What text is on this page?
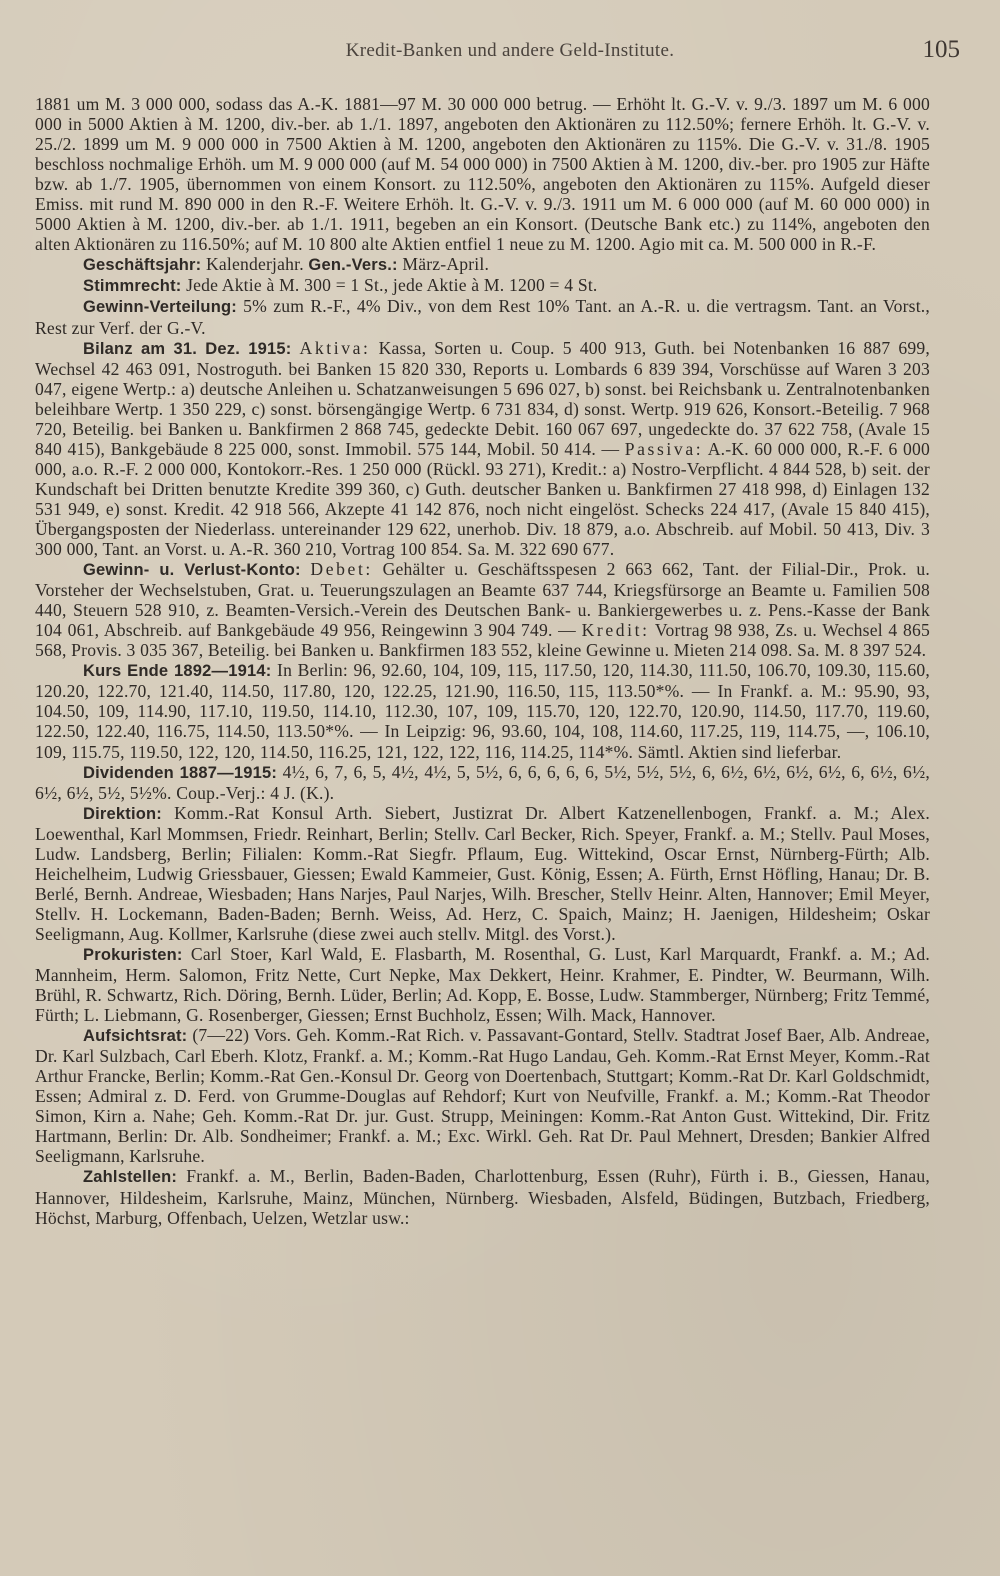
Kredit-Banken und andere Geld-Institute.	105

1881 um M. 3 000 000, sodass das A.-K. 1881—97 M. 30 000 000 betrug. — Erhöht lt. G.-V. v. 9./3. 1897 um M. 6 000 000 in 5000 Aktien à M. 1200, div.-ber. ab 1./1. 1897, angeboten den Aktionären zu 112.50%; fernere Erhöh. lt. G.-V. v. 25./2. 1899 um M. 9 000 000 in 7500 Aktien à M. 1200, angeboten den Aktionären zu 115%. Die G.-V. v. 31./8. 1905 beschloss nochmalige Erhöh. um M. 9 000 000 (auf M. 54 000 000) in 7500 Aktien à M. 1200, div.-ber. pro 1905 zur Häfte bzw. ab 1./7. 1905, übernommen von einem Konsort. zu 112.50%, angeboten den Aktionären zu 115%. Aufgeld dieser Emiss. mit rund M. 890 000 in den R.-F. Weitere Erhöh. lt. G.-V. v. 9./3. 1911 um M. 6 000 000 (auf M. 60 000 000) in 5000 Aktien à M. 1200, div.-ber. ab 1./1. 1911, begeben an ein Konsort. (Deutsche Bank etc.) zu 114%, angeboten den alten Aktionären zu 116.50%; auf M. 10 800 alte Aktien entfiel 1 neue zu M. 1200. Agio mit ca. M. 500 000 in R.-F.

Geschäftsjahr: Kalenderjahr. Gen.-Vers.: März-April.

Stimmrecht: Jede Aktie à M. 300 = 1 St., jede Aktie à M. 1200 = 4 St.

Gewinn-Verteilung: 5% zum R.-F., 4% Div., von dem Rest 10% Tant. an A.-R. u. die vertragsm. Tant. an Vorst., Rest zur Verf. der G.-V.

Bilanz am 31. Dez. 1915: Aktiva: Kassa, Sorten u. Coup. 5 400 913, Guth. bei Notenbanken 16 887 699, Wechsel 42 463 091, Nostroguth. bei Banken 15 820 330, Reports u. Lombards 6 839 394, Vorschüsse auf Waren 3 203 047, eigene Wertp.: a) deutsche Anleihen u. Schatzanweisungen 5 696 027, b) sonst. bei Reichsbank u. Zentralnotenbanken beleihbare Wertp. 1 350 229, c) sonst. börsengängige Wertp. 6 731 834, d) sonst. Wertp. 919 626, Konsort.-Beteilig. 7 968 720, Beteilig. bei Banken u. Bankfirmen 2 868 745, gedeckte Debit. 160 067 697, ungedeckte do. 37 622 758, (Avale 15 840 415), Bankgebäude 8 225 000, sonst. Immobil. 575 144, Mobil. 50 414. — Passiva: A.-K. 60 000 000, R.-F. 6 000 000, a.o. R.-F. 2 000 000, Kontokorr.-Res. 1 250 000 (Rückl. 93 271), Kredit.: a) Nostro-Verpflicht. 4 844 528, b) seit. der Kundschaft bei Dritten benutzte Kredite 399 360, c) Guth. deutscher Banken u. Bankfirmen 27 418 998, d) Einlagen 132 531 949, e) sonst. Kredit. 42 918 566, Akzepte 41 142 876, noch nicht eingelöst. Schecks 224 417, (Avale 15 840 415), Übergangsposten der Niederlass. untereinander 129 622, unerhob. Div. 18 879, a.o. Abschreib. auf Mobil. 50 413, Div. 3 300 000, Tant. an Vorst. u. A.-R. 360 210, Vortrag 100 854. Sa. M. 322 690 677.

Gewinn- u. Verlust-Konto: Debet: Gehälter u. Geschäftsspesen 2 663 662, Tant. der Filial-Dir., Prok. u. Vorsteher der Wechselstuben, Grat. u. Teuerungszulagen an Beamte 637 744, Kriegsfürsorge an Beamte u. Familien 508 440, Steuern 528 910, z. Beamten-Versich.-Verein des Deutschen Bank- u. Bankiergewerbes u. z. Pens.-Kasse der Bank 104 061, Abschreib. auf Bankgebäude 49 956, Reingewinn 3 904 749. — Kredit: Vortrag 98 938, Zs. u. Wechsel 4 865 568, Provis. 3 035 367, Beteilig. bei Banken u. Bankfirmen 183 552, kleine Gewinne u. Mieten 214 098. Sa. M. 8 397 524.

Kurs Ende 1892—1914: In Berlin: 96, 92.60, 104, 109, 115, 117.50, 120, 114.30, 111.50, 106.70, 109.30, 115.60, 120.20, 122.70, 121.40, 114.50, 117.80, 120, 122.25, 121.90, 116.50, 115, 113.50*%. — In Frankf. a. M.: 95.90, 93, 104.50, 109, 114.90, 117.10, 119.50, 114.10, 112.30, 107, 109, 115.70, 120, 122.70, 120.90, 114.50, 117.70, 119.60, 122.50, 122.40, 116.75, 114.50, 113.50*%. — In Leipzig: 96, 93.60, 104, 108, 114.60, 117.25, 119, 114.75, —, 106.10, 109, 115.75, 119.50, 122, 120, 114.50, 116.25, 121, 122, 122, 116, 114.25, 114*%. Sämtl. Aktien sind lieferbar.

Dividenden 1887—1915: 4½, 6, 7, 6, 5, 4½, 4½, 5, 5½, 6, 6, 6, 6, 6, 5½, 5½, 5½, 6, 6½, 6½, 6½, 6½, 6, 6½, 6½, 6½, 6½, 5½, 5½%. Coup.-Verj.: 4 J. (K.).

Direktion: Komm.-Rat Konsul Arth. Siebert, Justizrat Dr. Albert Katzenellenbogen, Frankf. a. M.; Alex. Loewenthal, Karl Mommsen, Friedr. Reinhart, Berlin; Stellv. Carl Becker, Rich. Speyer, Frankf. a. M.; Stellv. Paul Moses, Ludw. Landsberg, Berlin; Filialen: Komm.-Rat Siegfr. Pflaum, Eug. Wittekind, Oscar Ernst, Nürnberg-Fürth; Alb. Heichelheim, Ludwig Griessbauer, Giessen; Ewald Kammeier, Gust. König, Essen; A. Fürth, Ernst Höfling, Hanau; Dr. B. Berlé, Bernh. Andreae, Wiesbaden; Hans Narjes, Paul Narjes, Wilh. Brescher, Stellv Heinr. Alten, Hannover; Emil Meyer, Stellv. H. Lockemann, Baden-Baden; Bernh. Weiss, Ad. Herz, C. Spaich, Mainz; H. Jaenigen, Hildesheim; Oskar Seeligmann, Aug. Kollmer, Karlsruhe (diese zwei auch stellv. Mitgl. des Vorst.).

Prokuristen: Carl Stoer, Karl Wald, E. Flasbarth, M. Rosenthal, G. Lust, Karl Marquardt, Frankf. a. M.; Ad. Mannheim, Herm. Salomon, Fritz Nette, Curt Nepke, Max Dekkert, Heinr. Krahmer, E. Pindter, W. Beurmann, Wilh. Brühl, R. Schwartz, Rich. Döring, Bernh. Lüder, Berlin; Ad. Kopp, E. Bosse, Ludw. Stammberger, Nürnberg; Fritz Temmé, Fürth; L. Liebmann, G. Rosenberger, Giessen; Ernst Buchholz, Essen; Wilh. Mack, Hannover.

Aufsichtsrat: (7—22) Vors. Geh. Komm.-Rat Rich. v. Passavant-Gontard, Stellv. Stadtrat Josef Baer, Alb. Andreae, Dr. Karl Sulzbach, Carl Eberh. Klotz, Frankf. a. M.; Komm.-Rat Hugo Landau, Geh. Komm.-Rat Ernst Meyer, Komm.-Rat Arthur Francke, Berlin; Komm.-Rat Gen.-Konsul Dr. Georg von Doertenbach, Stuttgart; Komm.-Rat Dr. Karl Goldschmidt, Essen; Admiral z. D. Ferd. von Grumme-Douglas auf Rehdorf; Kurt von Neufville, Frankf. a. M.; Komm.-Rat Theodor Simon, Kirn a. Nahe; Geh. Komm.-Rat Dr. jur. Gust. Strupp, Meiningen: Komm.-Rat Anton Gust. Wittekind, Dir. Fritz Hartmann, Berlin: Dr. Alb. Sondheimer; Frankf. a. M.; Exc. Wirkl. Geh. Rat Dr. Paul Mehnert, Dresden; Bankier Alfred Seeligmann, Karlsruhe.

Zahlstellen: Frankf. a. M., Berlin, Baden-Baden, Charlottenburg, Essen (Ruhr), Fürth i. B., Giessen, Hanau, Hannover, Hildesheim, Karlsruhe, Mainz, München, Nürnberg. Wiesbaden, Alsfeld, Büdingen, Butzbach, Friedberg, Höchst, Marburg, Offenbach, Uelzen, Wetzlar usw.:
